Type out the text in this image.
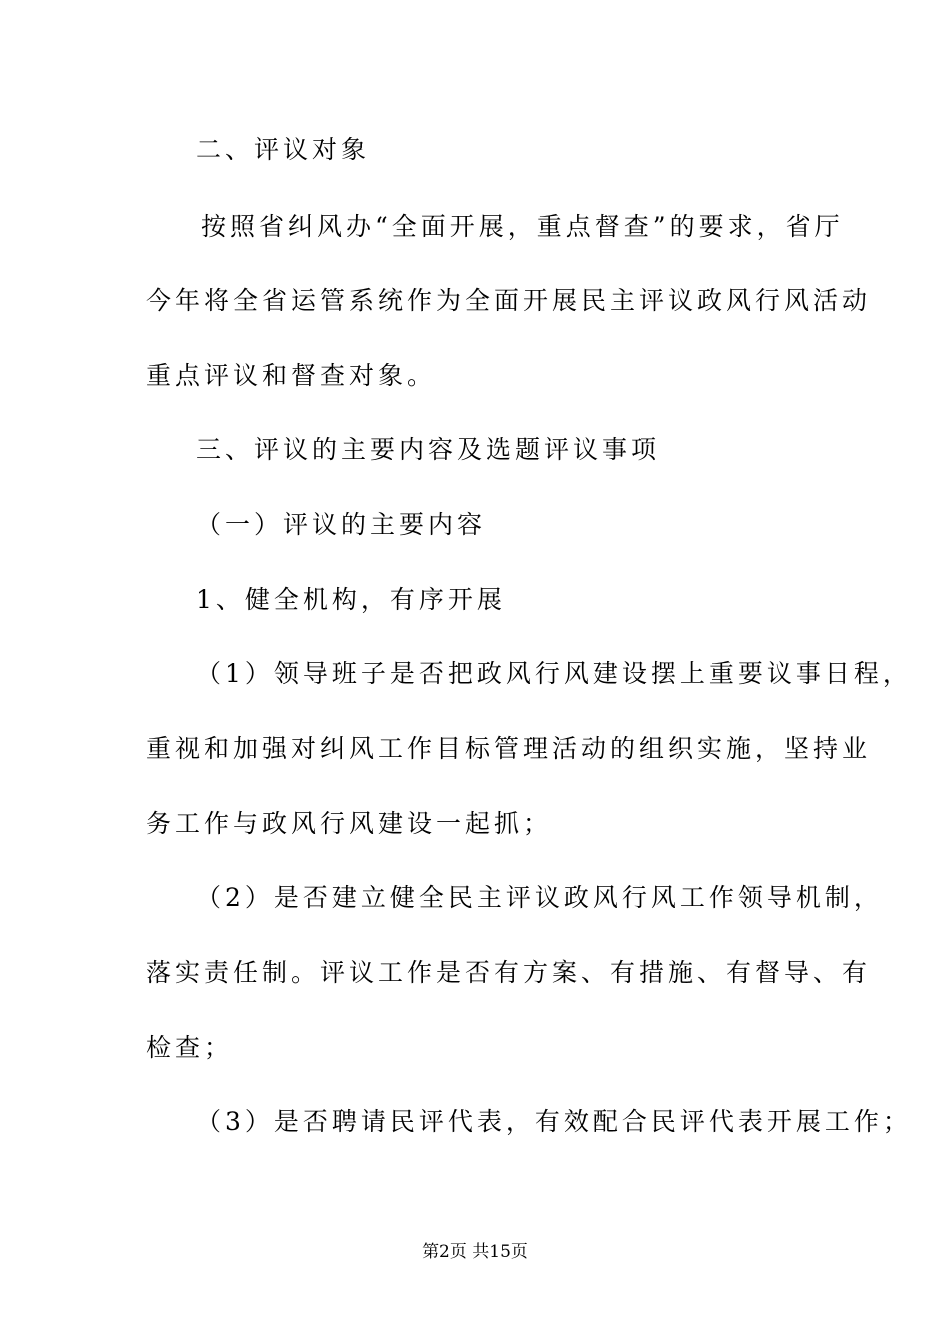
二、评议对象
按照省纠风办“全面开展，重点督查”的要求，省厅
今年将全省运管系统作为全面开展民主评议政风行风活动
重点评议和督查对象。
三、评议的主要内容及选题评议事项
（一）评议的主要内容
1、健全机构，有序开展
（1）领导班子是否把政风行风建设摆上重要议事日程，
重视和加强对纠风工作目标管理活动的组织实施，坚持业
务工作与政风行风建设一起抓；
（2）是否建立健全民主评议政风行风工作领导机制，
落实责任制。评议工作是否有方案、有措施、有督导、有
检查；
（3）是否聘请民评代表，有效配合民评代表开展工作；
第2页 共15页
